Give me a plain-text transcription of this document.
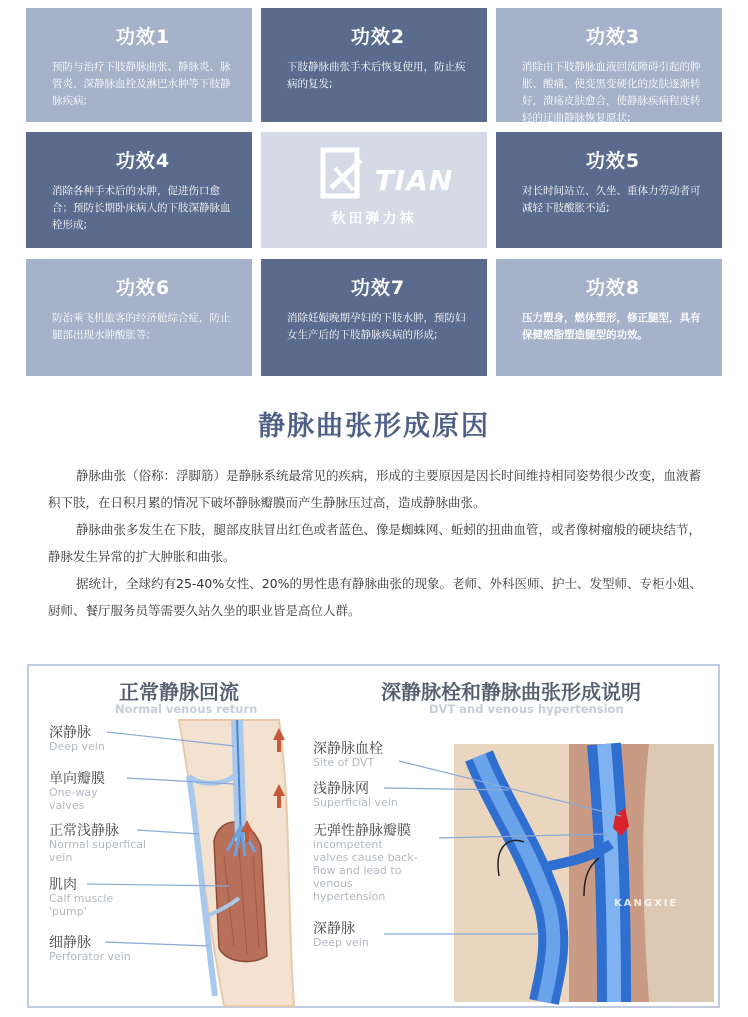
功效1
预防与治疗下肢静脉曲张、静脉炎、脉管炎、深静脉血栓及淋巴水肿等下肢静脉疾病;
功效2
下肢静脉曲张手术后恢复使用，防止疾病的复发;
功效3
消除由下肢静脉血液回流障碍引起的肿胀、酸痛，使变黑变硬化的皮肤逐渐转好，溃疡皮肤愈合，使静脉疾病程度转轻的迂曲静脉恢复原状;
功效4
消除各种手术后的水肿，促进伤口愈合；预防长期卧床病人的下肢深静脉血栓形成;
TIAN
秋田弹力袜
功效5
对长时间站立、久坐、重体力劳动者可减轻下肢酸胀不适;
功效6
防治乘飞机旅客的经济舱综合症，防止腿部出现水肿酸胀等;
功效7
消除妊娠晚期孕妇的下肢水肿，预防妇女生产后的下肢静脉疾病的形成;
功效8
压力塑身，燃体塑形，修正腿型，具有保健燃脂塑造腿型的功效。
静脉曲张形成原因
静脉曲张（俗称：浮脚筋）是静脉系统最常见的疾病，形成的主要原因是因长时间维持相同姿势很少改变，血液蓄积下肢，在日积月累的情况下破坏静脉瓣膜而产生静脉压过高，造成静脉曲张。
静脉曲张多发生在下肢，腿部皮肤冒出红色或者蓝色、像是蜘蛛网、蚯蚓的扭曲血管，或者像树瘤般的硬块结节，静脉发生异常的扩大肿胀和曲张。
据统计，全球约有25-40%女性、20%的男性患有静脉曲张的现象。老师、外科医师、护士、发型师、专柜小姐、厨师、餐厅服务员等需要久站久坐的职业皆是高位人群。
正常静脉回流
Normal venous return
深静脉
Deep vein
单向瓣膜
One-way valves
正常浅静脉
Normal superfical vein
肌肉
Calf muscle 'pump'
细静脉
Perforator vein
深静脉栓和静脉曲张形成说明
DVT and venous hypertension
深静脉血栓
Site of DVT
浅静脉网
Superficial vein
无弹性静脉瓣膜
incompetent valves cause back-flow and lead to venous hypertension
深静脉
Deep vein
KANGXIE
